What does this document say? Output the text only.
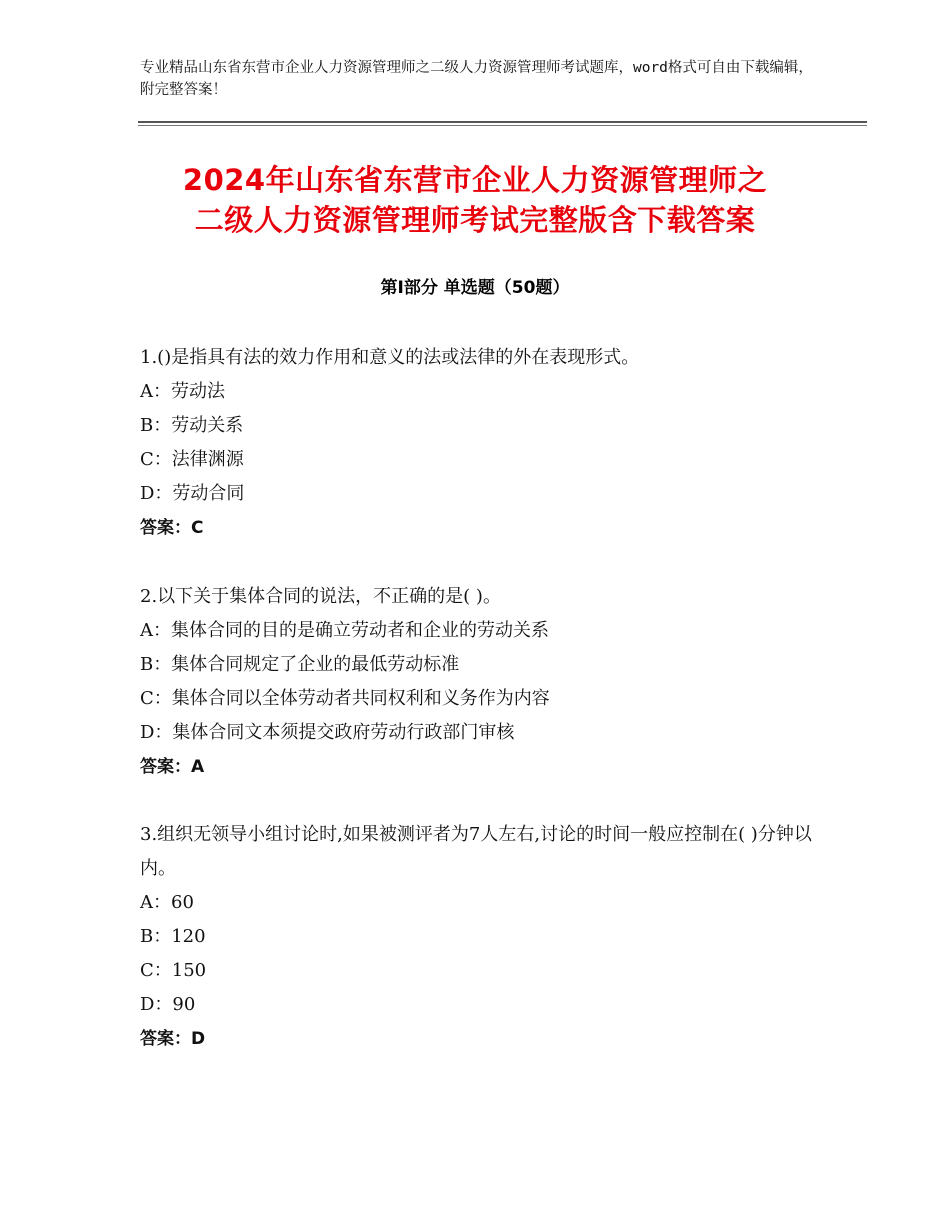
专业精品山东省东营市企业人力资源管理师之二级人力资源管理师考试题库，word格式可自由下载编辑，附完整答案！
2024年山东省东营市企业人力资源管理师之
二级人力资源管理师考试完整版含下载答案
第Ⅰ部分 单选题（50题）

1.()是指具有法的效力作用和意义的法或法律的外在表现形式。

A：劳动法

B：劳动关系

C：法律渊源

D：劳动合同

答案：C

2.以下关于集体合同的说法，不正确的是( )。

A：集体合同的目的是确立劳动者和企业的劳动关系

B：集体合同规定了企业的最低劳动标准

C：集体合同以全体劳动者共同权利和义务作为内容

D：集体合同文本须提交政府劳动行政部门审核

答案：A

3.组织无领导小组讨论时,如果被测评者为7人左右,讨论的时间一般应控制在( )分钟以内。

A：60

B：120

C：150

D：90

答案：D
